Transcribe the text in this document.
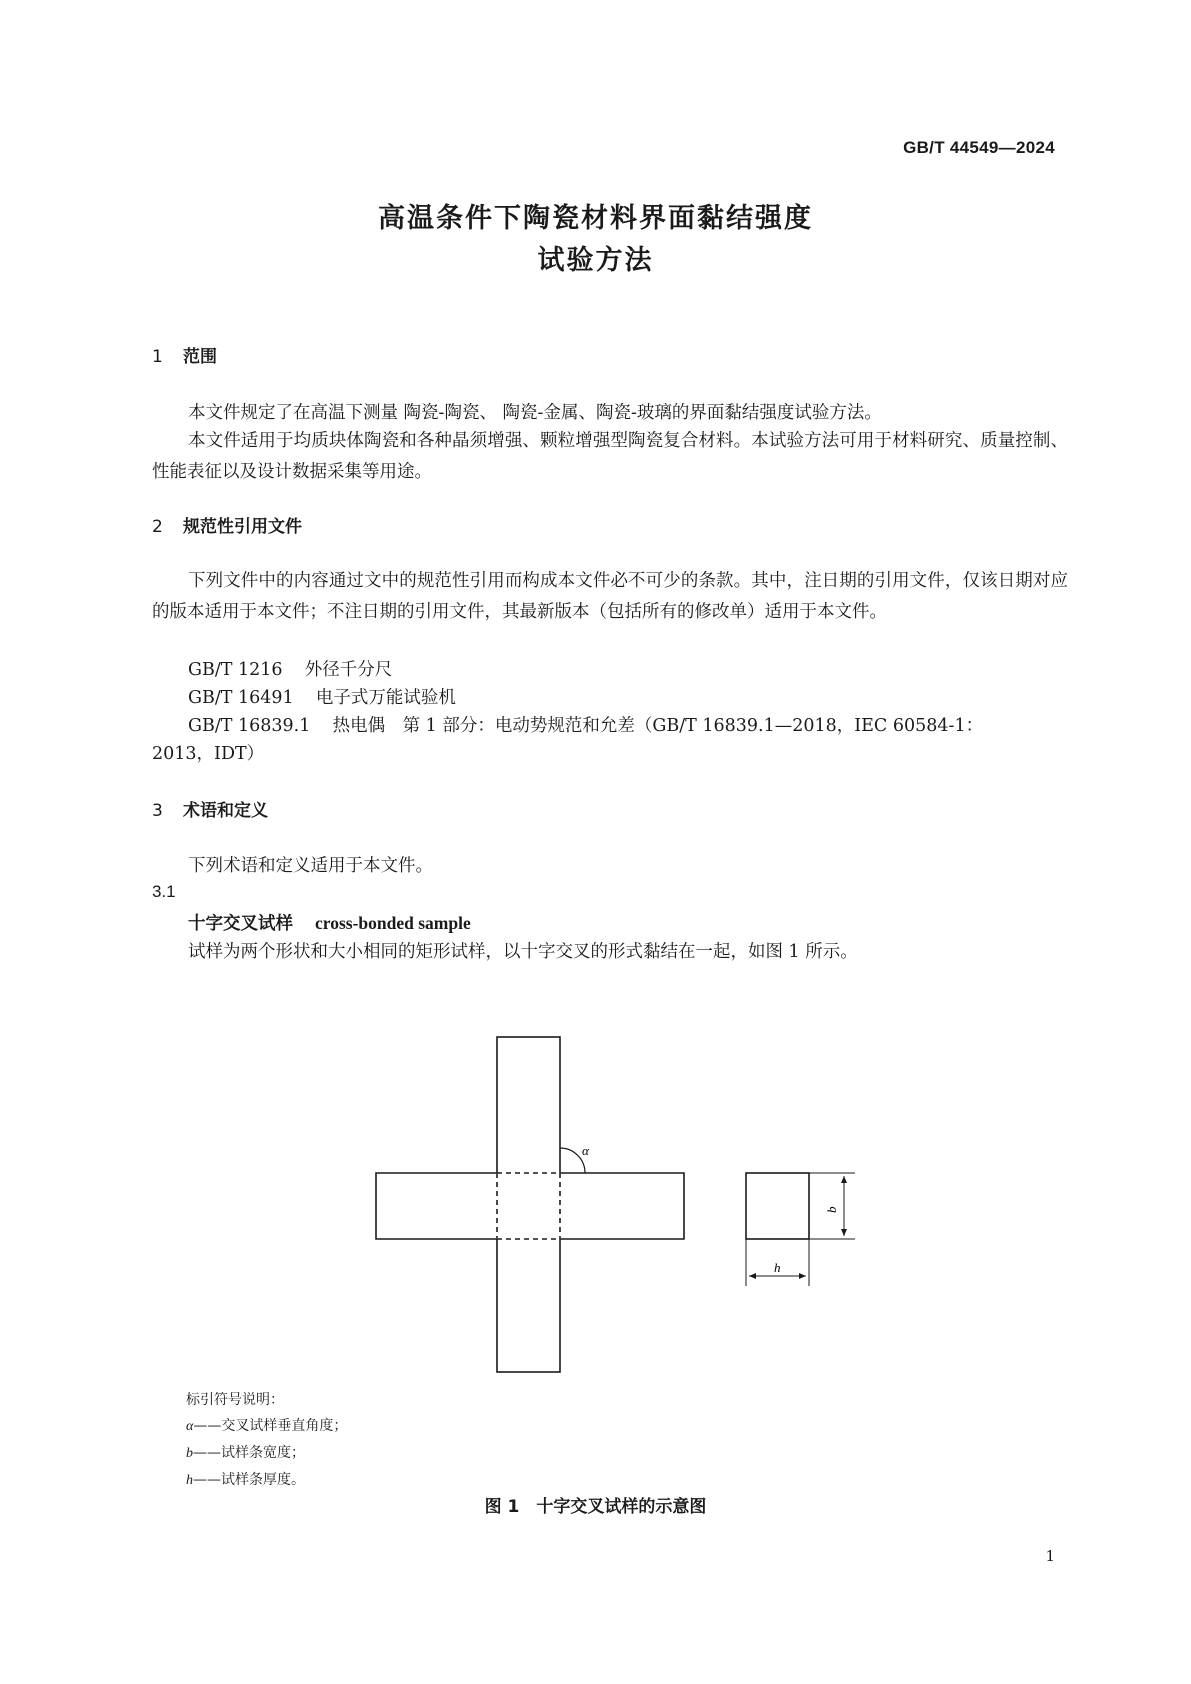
GB/T 44549—2024
高温条件下陶瓷材料界面黏结强度
试验方法
1 范围
本文件规定了在高温下测量 陶瓷-陶瓷、 陶瓷-金属、陶瓷-玻璃的界面黏结强度试验方法。
本文件适用于均质块体陶瓷和各种晶须增强、颗粒增强型陶瓷复合材料。本试验方法可用于材料研究、质量控制、性能表征以及设计数据采集等用途。
2 规范性引用文件
下列文件中的内容通过文中的规范性引用而构成本文件必不可少的条款。其中，注日期的引用文件，仅该日期对应的版本适用于本文件；不注日期的引用文件，其最新版本（包括所有的修改单）适用于本文件。
GB/T 1216 外径千分尺
GB/T 16491 电子式万能试验机
GB/T 16839.1 热电偶　第 1 部分：电动势规范和允差（GB/T 16839.1—2018，IEC 60584-1：
2013，IDT）
3 术语和定义
下列术语和定义适用于本文件。
3.1
十字交叉试样 cross-bonded sample
试样为两个形状和大小相同的矩形试样，以十字交叉的形式黏结在一起，如图 1 所示。
α
b
h
标引符号说明：
α——交叉试样垂直角度；
b——试样条宽度；
h——试样条厚度。
图 1　十字交叉试样的示意图
1
